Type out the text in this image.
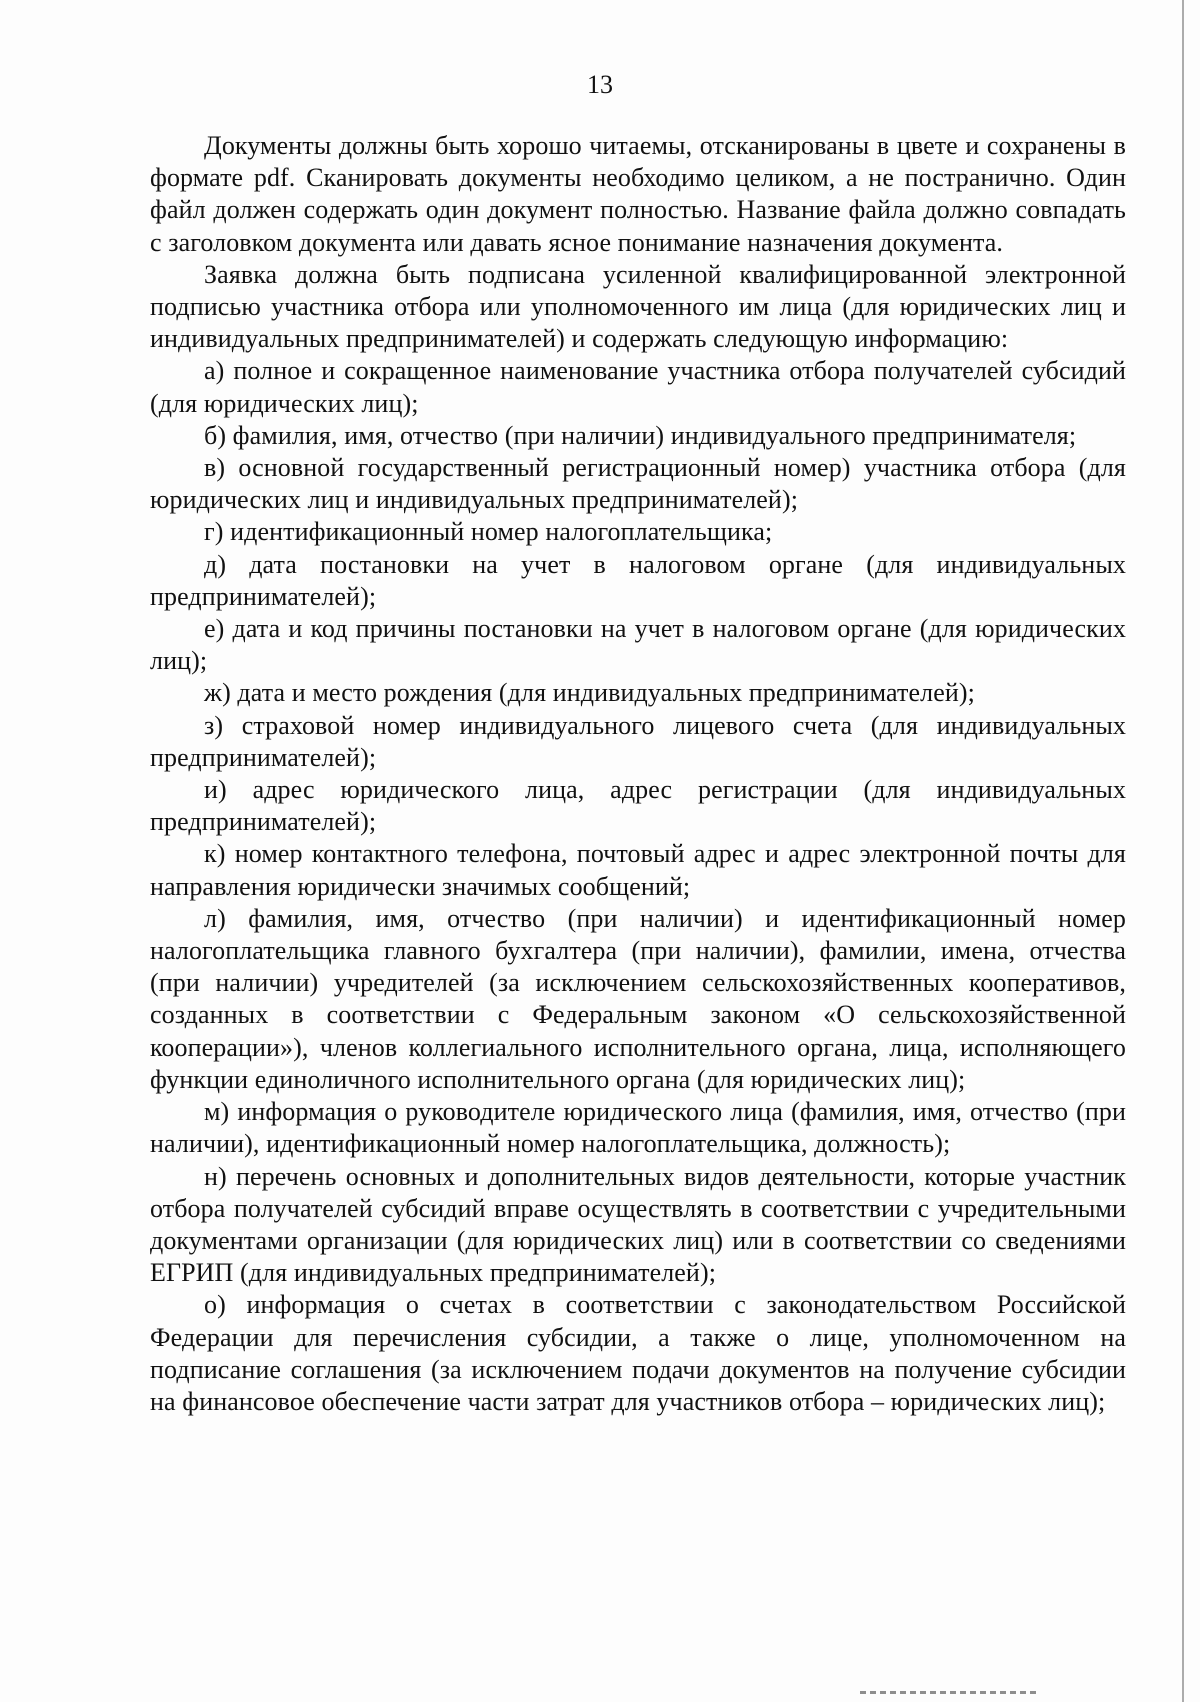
13

Документы должны быть хорошо читаемы, отсканированы в цвете и сохранены в формате pdf. Сканировать документы необходимо целиком, а не постранично. Один файл должен содержать один документ полностью. Название файла должно совпадать с заголовком документа или давать ясное понимание назначения документа.

Заявка должна быть подписана усиленной квалифицированной электронной подписью участника отбора или уполномоченного им лица (для юридических лиц и индивидуальных предпринимателей) и содержать следующую информацию:

а) полное и сокращенное наименование участника отбора получателей субсидий (для юридических лиц);

б) фамилия, имя, отчество (при наличии) индивидуального предпринимателя;

в) основной государственный регистрационный номер) участника отбора (для юридических лиц и индивидуальных предпринимателей);

г) идентификационный номер налогоплательщика;

д) дата постановки на учет в налоговом органе (для индивидуальных предпринимателей);

е) дата и код причины постановки на учет в налоговом органе (для юридических лиц);

ж) дата и место рождения (для индивидуальных предпринимателей);

з) страховой номер индивидуального лицевого счета (для индивидуальных предпринимателей);

и) адрес юридического лица, адрес регистрации (для индивидуальных предпринимателей);

к) номер контактного телефона, почтовый адрес и адрес электронной почты для направления юридически значимых сообщений;

л) фамилия, имя, отчество (при наличии) и идентификационный номер налогоплательщика главного бухгалтера (при наличии), фамилии, имена, отчества (при наличии) учредителей (за исключением сельскохозяйственных кооперативов, созданных в соответствии с Федеральным законом «О сельскохозяйственной кооперации»), членов коллегиального исполнительного органа, лица, исполняющего функции единоличного исполнительного органа (для юридических лиц);

м) информация о руководителе юридического лица (фамилия, имя, отчество (при наличии), идентификационный номер налогоплательщика, должность);

н) перечень основных и дополнительных видов деятельности, которые участник отбора получателей субсидий вправе осуществлять в соответствии с учредительными документами организации (для юридических лиц) или в соответствии со сведениями ЕГРИП (для индивидуальных предпринимателей);

о) информация о счетах в соответствии с законодательством Российской Федерации для перечисления субсидии, а также о лице, уполномоченном на подписание соглашения (за исключением подачи документов на получение субсидии на финансовое обеспечение части затрат для участников отбора – юридических лиц);
